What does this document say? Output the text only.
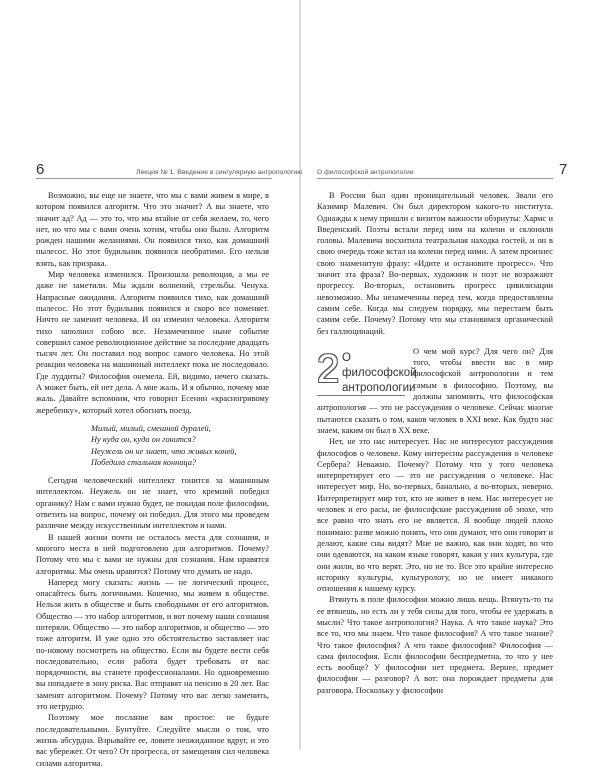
6	Лекция № 1. Введение в сингулярную антропологию

Возможно, вы еще не знаете, что мы с вами живем в мире, в котором появился алгоритм. Что это значит? А вы знаете, что значит ад? Ад — это то, что мы втайне от себя желаем, то, чего нет, но что мы с вами очень хотим, чтобы оно было. Алгоритм рожден нашими желаниями. Он появился тихо, как домашний пылесос. Но этот будильник появился необратимо. Его нельзя взять, как призрака.

Мир человека изменился. Произошла революция, а мы ее даже не заметили. Мы ждали волнений, стрельбы. Ченуха. Напрасные ожидания. Алгоритм появился тихо, как домашний пылесос. Но этот будильник появился и скоро все поменяет. Ничто не заменит человека. И он изменил человека. Алгоритм тихо заполнил собою все. Незамеченное ныне событие совершил самое революционное действие за последние двадцать тысяч лет. Он поставил под вопрос самого человека. Но этой реакции человека на машинный интеллект пока не последовало. Где луддиты? Философия онемела. Ей, видимо, нечего сказать. А может быть, ей нет дела. А мне жаль. И я обычно, почему мне жаль. Давайте вспомним, что говорил Есенин «красногривому жеребенку», который хотел обогнать поезд.

Милый, милый, смешной дуралей,
Ну куда он, куда он гонится?
Неужель он не знает, что живых коней,
Победила стальная конница?

Сегодня человеческий интеллект гонится за машинным интеллектом. Неужель он не знает, что кремний победил органику? Нам с вами нужно будет, не покидая поле философии, ответить на вопрос, почему он победил. Для этого мы проведем различие между искусственным интеллектом и нами.

В нашей жизни почти не осталось места для сознания, и многого места в ней подготовлено для алгоритмов. Почему? Потому что мы с вами не нужны для сознания. Нам нравятся алгоритмы. Мы очень нравятся? Потому что думать не надо.

Наперед могу сказать: жизнь — не логический процесс, опасайтесь быть логичными. Конечно, мы живем в обществе. Нельзя жить в обществе и быть свободными от его алгоритмов. Общество — это набор алгоритмов, и вот почему наши сознания потеряли. Общество — это набор алгоритмов, и общество — это тоже алгоритм. И уже одно это обстоятельство заставляет нас по-новому посмотреть на общество. Если вы будете вести себя последовательно, если работа будет требовать от вас порядочности, вы станете профессионалами. Но одновременно вы попадаете в зону риска. Вас отправят на пенсию в 20 лет. Вас заменят алгоритмом. Почему? Потому что вас легко заменить, это нетрудно.

Поэтому мое послание вам простое: не будьте последовательными. Бунтуйте. Следуйте мысли о том, что жизнь абсурдна. Взрывайте ее, ловите неожиданное вдруг, и это вас убережет. От чего? От прогресса, от замещения сил человека силами алгоритма.

О философской антропологии	7

В России был один проницательный человек. Звали его Казимир Малевич. Он был директором какого-то института. Однажды к нему пришли с визитом важности обэриуты: Хармс и Введенский. Поэты встали перед ним на колени и склонили головы. Малевича восхитила театральная находка гостей, и он в свою очередь тоже встал на колени перед ними. А затем произнес свою знаменитую фразу: «Идите и остановите прогресс». Что значит эта фраза? Во-первых, художник и поэт не возражают прогрессу. Во-вторых, остановить прогресс цивилизации невозможно. Мы незамеченны перед тем, когда предоставлены самим себе. Когда мы следуем порядку, мы перестаем быть самим себе. Почему? Потому что мы становимся органической без галлюцинаций.

2 О философской антропологии

О чем мой курс? Для чего он? Для того, чтобы ввести вас в мир философской антропологии и тем самым в философию. Поэтому, вы должны запомнить, что философская антропология — это не рассуждения о человеке. Сейчас многие пытаются сказать о том, каков человек в XXI веке. Как будто нас знаем, каким он был в XX веке.

Нет, не это нас интересует. Нас не интересуют рассуждения философов о человеке. Кому интересны рассуждения о человеке Сербера? Неважно. Почему? Потому что у того человека интерпретирует его — это не рассуждения о человеке. Нас интересует мир. Но, во-первых, банально, а во-вторых, неверно. Интерпретирует мир тот, кто не живет в нем. Нас интересует не человек и его расы, не философские рассуждения об эпохе, что все равно что знать его не является. Я вообще людей плохо понимаю: разве можно понять, что они думают, что они говорят и делают, какие сны видят? Мне не важно, как они ходят, во что они одеваются, на каком языке говорят, какая у них культура, где они жили, во что верят. Это, но не то. Все это крайне интересно историку культуры, культурологу, но не имеет никакого отношения к нашему курсу.

Втянуть в поле философии можно лишь вещь. Втянуть-то ты ее втянешь, но есть ли у тебя силы для того, чтобы ее удержать в мысли? Что такое антропология? Наука. А что такое наука? Это все то, что мы знаем. Что такое философия? А что такое знание? Что такое философия? А что такое философия? Философия — сама философия. Если философии беспредметна, то что у нее есть вообще? У философии нет предмета. Вернее, предмет философии — разговор? А вот: она порождает предметы для разговора. Поскольку у философии
